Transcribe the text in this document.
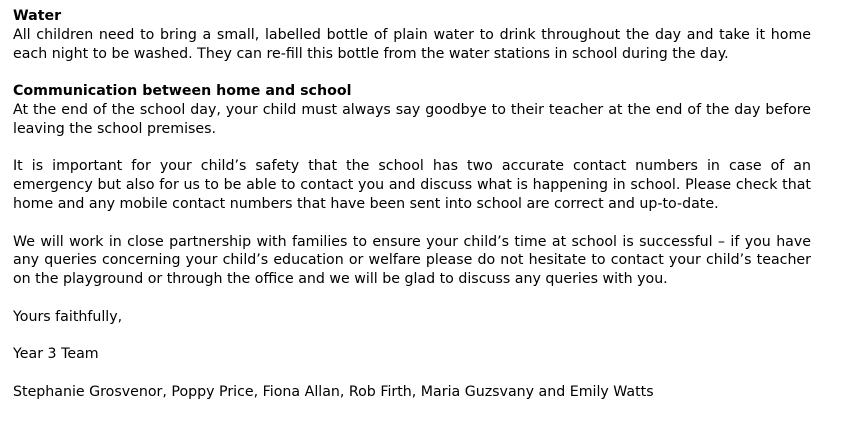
Water

All children need to bring a small, labelled bottle of plain water to drink throughout the day and take it home each night to be washed. They can re-fill this bottle from the water stations in school during the day.

Communication between home and school

At the end of the school day, your child must always say goodbye to their teacher at the end of the day before leaving the school premises.

It is important for your child’s safety that the school has two accurate contact numbers in case of an emergency but also for us to be able to contact you and discuss what is happening in school. Please check that home and any mobile contact numbers that have been sent into school are correct and up-to-date.

We will work in close partnership with families to ensure your child’s time at school is successful – if you have any queries concerning your child’s education or welfare please do not hesitate to contact your child’s teacher on the playground or through the office and we will be glad to discuss any queries with you.

Yours faithfully,

Year 3 Team

Stephanie Grosvenor, Poppy Price, Fiona Allan, Rob Firth, Maria Guzsvany and Emily Watts
